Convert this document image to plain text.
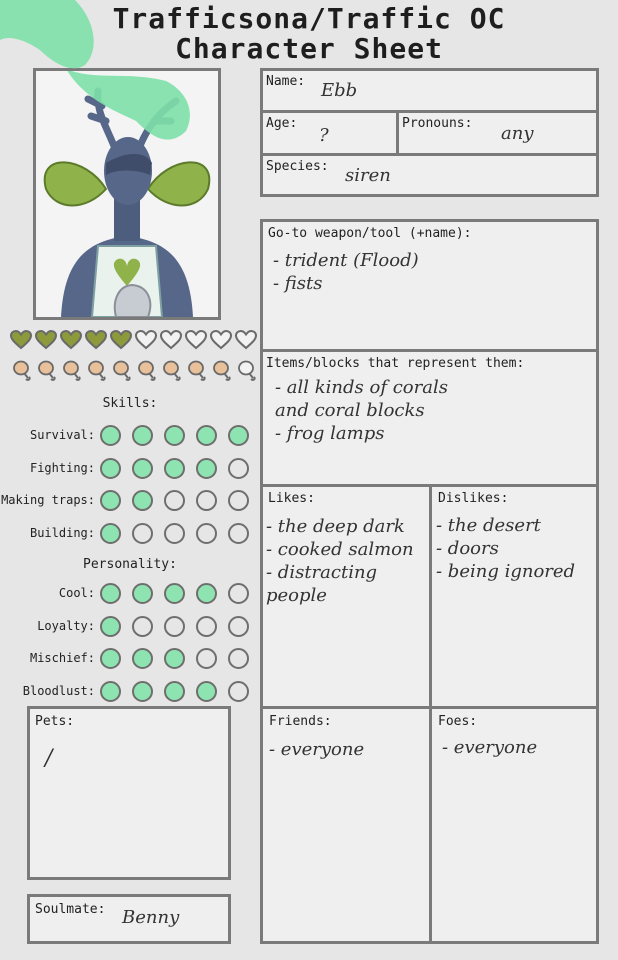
Trafficsona/Traffic OC
Character Sheet
Skills:
Survival:
Fighting:
Making traps:
Building:
Personality:
Cool:
Loyalty:
Mischief:
Bloodlust:
Pets:
/
Soulmate: Benny
Name: Ebb
Age:
?
Pronouns: any
Species: siren
Go-to weapon/tool (+name):
- trident (Flood)
- fists
Items/blocks that represent them:
- all kinds of corals
and coral blocks
- frog lamps
Likes:
- the deep dark
- cooked salmon
- distracting
people
Dislikes:
- the desert
- doors
- being ignored
Friends:
- everyone
Foes:
- everyone
